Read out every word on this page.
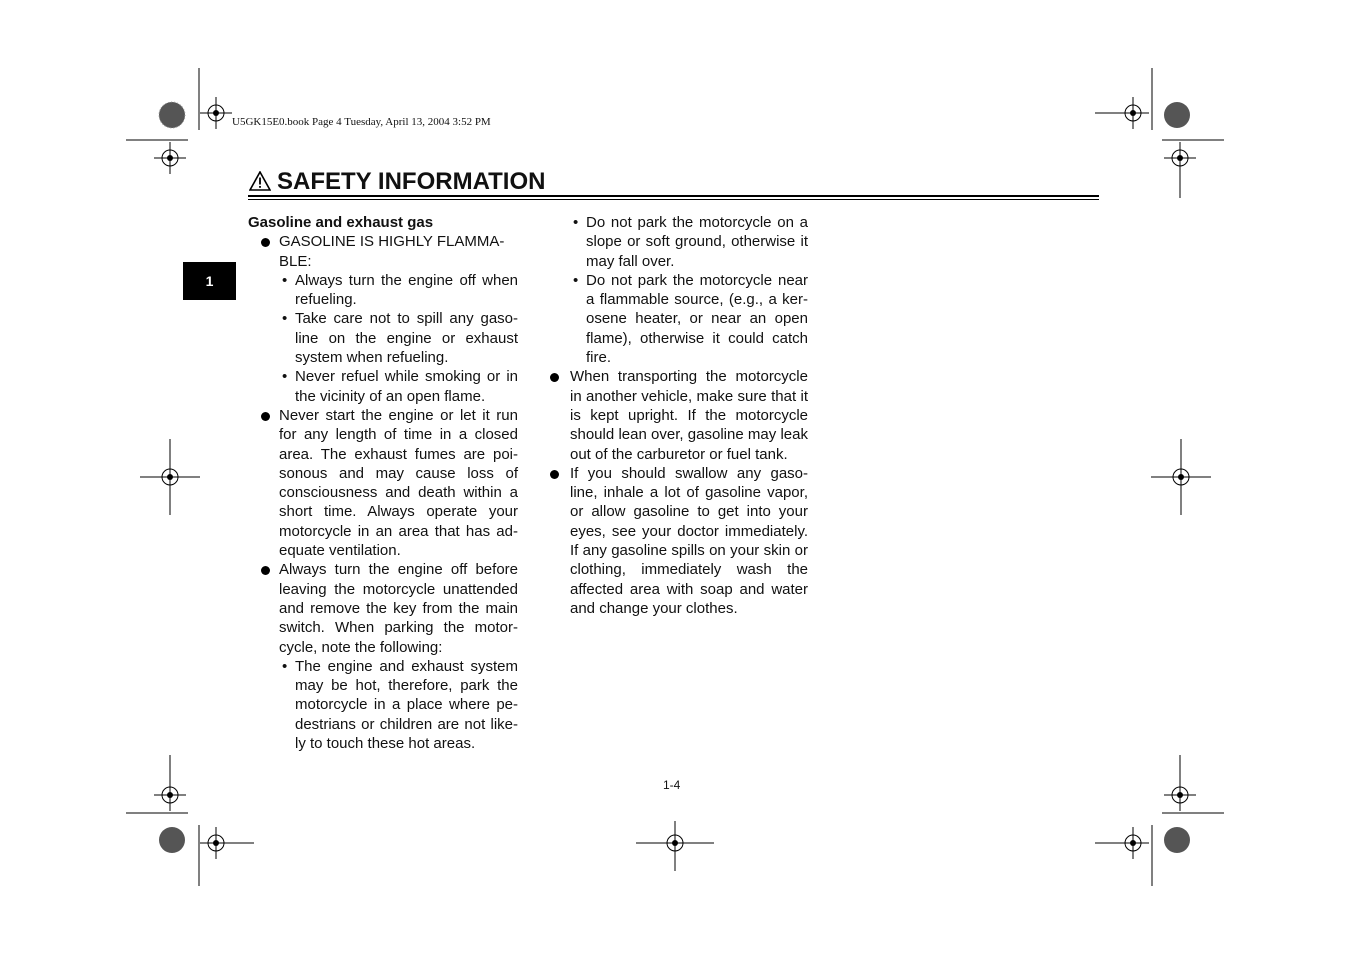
U5GK15E0.book Page 4 Tuesday, April 13, 2004 3:52 PM
SAFETY INFORMATION
1

Gasoline and exhaust gas

GASOLINE IS HIGHLY FLAMMA-BLE:
• Always turn the engine off when refueling.
• Take care not to spill any gaso-line on the engine or exhaust system when refueling.
• Never refuel while smoking or in the vicinity of an open flame.
Never start the engine or let it run for any length of time in a closed area. The exhaust fumes are poi-sonous and may cause loss of consciousness and death within a short time. Always operate your motorcycle in an area that has ad-equate ventilation.
Always turn the engine off before leaving the motorcycle unattended and remove the key from the main switch. When parking the motor-cycle, note the following:
• The engine and exhaust system may be hot, therefore, park the motorcycle in a place where pe-destrians or children are not like-ly to touch these hot areas.
• Do not park the motorcycle on a slope or soft ground, otherwise it may fall over.
• Do not park the motorcycle near a flammable source, (e.g., a ker-osene heater, or near an open flame), otherwise it could catch fire.
When transporting the motorcycle in another vehicle, make sure that it is kept upright. If the motorcycle should lean over, gasoline may leak out of the carburetor or fuel tank.
If you should swallow any gaso-line, inhale a lot of gasoline vapor, or allow gasoline to get into your eyes, see your doctor immediately. If any gasoline spills on your skin or clothing, immediately wash the affected area with soap and water and change your clothes.
1-4
